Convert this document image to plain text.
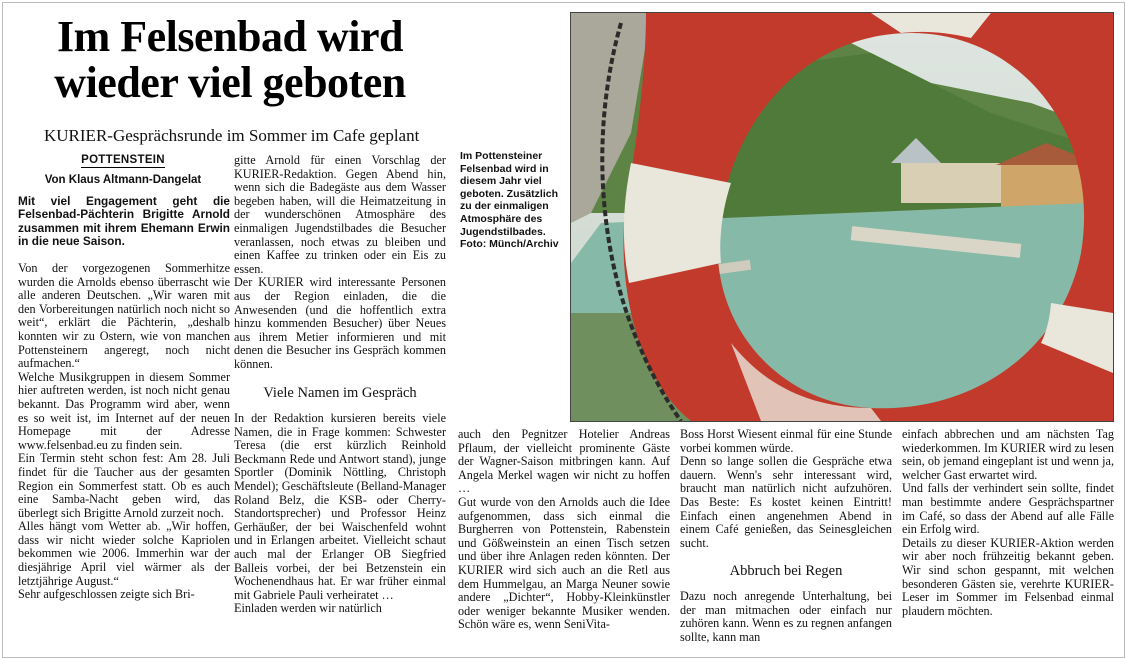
Im Felsenbad wird wieder viel geboten
KURIER-Gesprächsrunde im Sommer im Cafe geplant
POTTENSTEIN
Von Klaus Altmann-Dangelat
Mit viel Engagement geht die Felsenbad-Pächterin Brigitte Arnold zusammen mit ihrem Ehemann Erwin in die neue Saison.
Von der vorgezogenen Sommerhitze wurden die Arnolds ebenso überrascht wie alle anderen Deutschen. „Wir waren mit den Vorbereitungen natürlich noch nicht so weit“, erklärt die Pächterin, „deshalb konnten wir zu Ostern, wie von manchen Pottensteinern angeregt, noch nicht aufmachen.“
Welche Musikgruppen in diesem Sommer hier auftreten werden, ist noch nicht genau bekannt. Das Programm wird aber, wenn es so weit ist, im Internet auf der neuen Homepage mit der Adresse www.felsenbad.eu zu finden sein.
Ein Termin steht schon fest: Am 28. Juli findet für die Taucher aus der gesamten Region ein Sommerfest statt. Ob es auch eine Samba-Nacht geben wird, das überlegt sich Brigitte Arnold zurzeit noch.
Alles hängt vom Wetter ab. „Wir hoffen, dass wir nicht wieder solche Kapriolen bekommen wie 2006. Immerhin war der diesjährige April viel wärmer als der letztjährige August.“
Sehr aufgeschlossen zeigte sich Bri-
gitte Arnold für einen Vorschlag der KURIER-Redaktion. Gegen Abend hin, wenn sich die Badegäste aus dem Wasser begeben haben, will die Heimatzeitung in der wunderschönen Atmosphäre des einmaligen Jugendstilbades die Besucher veranlassen, noch etwas zu bleiben und einen Kaffee zu trinken oder ein Eis zu essen.
Der KURIER wird interessante Personen aus der Region einladen, die die Anwesenden (und die hoffentlich extra hinzu kommenden Besucher) über Neues aus ihrem Metier informieren und mit denen die Besucher ins Gespräch kommen können.
Viele Namen im Gespräch
In der Redaktion kursieren bereits viele Namen, die in Frage kommen: Schwester Teresa (die erst kürzlich Reinhold Beckmann Rede und Antwort stand), junge Sportler (Dominik Nöttling, Christoph Mendel); Geschäftsleute (Belland-Manager Roland Belz, die KSB- oder Cherry-Standortsprecher) und Professor Heinz Gerhäußer, der bei Waischenfeld wohnt und in Erlangen arbeitet. Vielleicht schaut auch mal der Erlanger OB Siegfried Balleis vorbei, der bei Betzenstein ein Wochenendhaus hat. Er war früher einmal mit Gabriele Pauli verheiratet …
Einladen werden wir natürlich
Im Pottensteiner Felsenbad wird in diesem Jahr viel geboten. Zusätzlich zu der einmaligen Atmosphäre des Jugendstilbades. Foto: Münch/Archiv
auch den Pegnitzer Hotelier Andreas Pflaum, der vielleicht prominente Gäste der Wagner-Saison mitbringen kann. Auf Angela Merkel wagen wir nicht zu hoffen …
Gut wurde von den Arnolds auch die Idee aufgenommen, dass sich einmal die Burgherren von Pottenstein, Rabenstein und Gößweinstein an einen Tisch setzen und über ihre Anlagen reden könnten. Der KURIER wird sich auch an die Retl aus dem Hummelgau, an Marga Neuner sowie andere „Dichter“, Hobby-Kleinkünstler oder weniger bekannte Musiker wenden. Schön wäre es, wenn SeniVita-
Boss Horst Wiesent einmal für eine Stunde vorbei kommen würde.
Denn so lange sollen die Gespräche etwa dauern. Wenn's sehr interessant wird, braucht man natürlich nicht aufzuhören. Das Beste: Es kostet keinen Eintritt! Einfach einen angenehmen Abend in einem Café genießen, das Seinesgleichen sucht.
Abbruch bei Regen
Dazu noch anregende Unterhaltung, bei der man mitmachen oder einfach nur zuhören kann. Wenn es zu regnen anfangen sollte, kann man
einfach abbrechen und am nächsten Tag wiederkommen. Im KURIER wird zu lesen sein, ob jemand eingeplant ist und wenn ja, welcher Gast erwartet wird.
Und falls der verhindert sein sollte, findet man bestimmte andere Gesprächspartner im Café, so dass der Abend auf alle Fälle ein Erfolg wird.
Details zu dieser KURIER-Aktion werden wir aber noch frühzeitig bekannt geben. Wir sind schon gespannt, mit welchen besonderen Gästen sie, verehrte KURIER-Leser im Sommer im Felsenbad einmal plaudern möchten.
